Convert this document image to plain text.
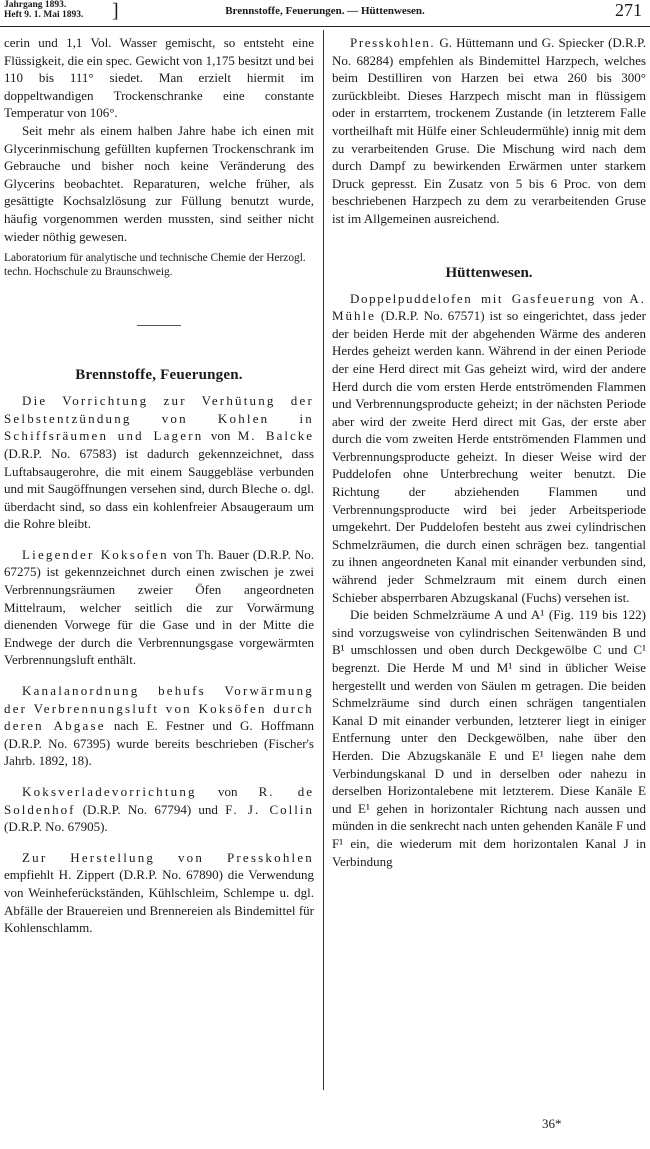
Jahrgang 1893.
Heft 9. 1. Mai 1893. ]	Brennstoffe, Feuerungen. — Hüttenwesen.	271

cerin und 1,1 Vol. Wasser gemischt, so entsteht eine Flüssigkeit, die ein spec. Gewicht von 1,175 besitzt und bei 110 bis 111° siedet. Man erzielt hiermit im doppeltwandigen Trockenschranke eine constante Temperatur von 106°.

Seit mehr als einem halben Jahre habe ich einen mit Glycerinmischung gefüllten kupfernen Trockenschrank im Gebrauche und bisher noch keine Veränderung des Glycerins beobachtet. Reparaturen, welche früher, als gesättigte Kochsalzlösung zur Füllung benutzt wurde, häufig vorgenommen werden mussten, sind seither nicht wieder nöthig gewesen.

Laboratorium für analytische und technische Chemie der Herzogl. techn. Hochschule zu Braunschweig.

Brennstoffe, Feuerungen.

Die Vorrichtung zur Verhütung der Selbstentzündung von Kohlen in Schiffsräumen und Lagern von M. Balcke (D.R.P. No. 67583) ist dadurch gekennzeichnet, dass Luftabsaugerohre, die mit einem Sauggebläse verbunden und mit Saugöffnungen versehen sind, durch Bleche o. dgl. überdacht sind, so dass ein kohlenfreier Absaugeraum um die Rohre bleibt.

Liegender Koksofen von Th. Bauer (D.R.P. No. 67275) ist gekennzeichnet durch einen zwischen je zwei Verbrennungsräumen zweier Öfen angeordneten Mittelraum, welcher seitlich die zur Vorwärmung dienenden Vorwege für die Gase und in der Mitte die Endwege der durch die Verbrennungsgase vorgewärmten Verbrennungsluft enthält.

Kanalanordnung behufs Vorwärmung der Verbrennungsluft von Koksöfen durch deren Abgase nach E. Festner und G. Hoffmann (D.R.P. No. 67395) wurde bereits beschrieben (Fischer's Jahrb. 1892, 18).

Koksverladevorrichtung von R. de Soldenhof (D.R.P. No. 67794) und F. J. Collin (D.R.P. No. 67905).

Zur Herstellung von Presskohlen empfiehlt H. Zippert (D.R.P. No. 67890) die Verwendung von Weinheferückständen, Kühlschleim, Schlempe u. dgl. Abfälle der Brauereien und Brennereien als Bindemittel für Kohlenschlamm.

Presskohlen. G. Hüttemann und G. Spiecker (D.R.P. No. 68284) empfehlen als Bindemittel Harzpech, welches beim Destilliren von Harzen bei etwa 260 bis 300° zurückbleibt. Dieses Harzpech mischt man in flüssigem oder in erstarrtem, trockenem Zustande (in letzterem Falle vortheilhaft mit Hülfe einer Schleudermühle) innig mit dem zu verarbeitenden Gruse. Die Mischung wird nach dem durch Dampf zu bewirkenden Erwärmen unter starkem Druck gepresst. Ein Zusatz von 5 bis 6 Proc. von dem beschriebenen Harzpech zu dem zu verarbeitenden Gruse ist im Allgemeinen ausreichend.

Hüttenwesen.

Doppelpuddelofen mit Gasfeuerung von A. Mühle (D.R.P. No. 67571) ist so eingerichtet, dass jeder der beiden Herde mit der abgehenden Wärme des anderen Herdes geheizt werden kann. Während in der einen Periode der eine Herd direct mit Gas geheizt wird, wird der andere Herd durch die vom ersten Herde entströmenden Flammen und Verbrennungsproducte geheizt; in der nächsten Periode aber wird der zweite Herd direct mit Gas, der erste aber durch die vom zweiten Herde entströmenden Flammen und Verbrennungsproducte geheizt. In dieser Weise wird der Puddelofen ohne Unterbrechung weiter benutzt. Die Richtung der abziehenden Flammen und Verbrennungsproducte wird bei jeder Arbeitsperiode umgekehrt. Der Puddelofen besteht aus zwei cylindrischen Schmelzräumen, die durch einen schrägen bez. tangential zu ihnen angeordneten Kanal mit einander verbunden sind, während jeder Schmelzraum mit einem durch einen Schieber absperrbaren Abzugskanal (Fuchs) versehen ist.

Die beiden Schmelzräume A und A¹ (Fig. 119 bis 122) sind vorzugsweise von cylindrischen Seitenwänden B und B¹ umschlossen und oben durch Deckgewölbe C und C¹ begrenzt. Die Herde M und M¹ sind in üblicher Weise hergestellt und werden von Säulen m getragen. Die beiden Schmelzräume sind durch einen schrägen tangentialen Kanal D mit einander verbunden, letzterer liegt in einiger Entfernung unter den Deckgewölben, nahe über den Herden. Die Abzugskanäle E und E¹ liegen nahe dem Verbindungskanal D und in derselben oder nahezu in derselben Horizontalebene mit letzterem. Diese Kanäle E und E¹ gehen in horizontaler Richtung nach aussen und münden in die senkrecht nach unten gehenden Kanäle F und F¹ ein, die wiederum mit dem horizontalen Kanal J in Verbindung

36*
